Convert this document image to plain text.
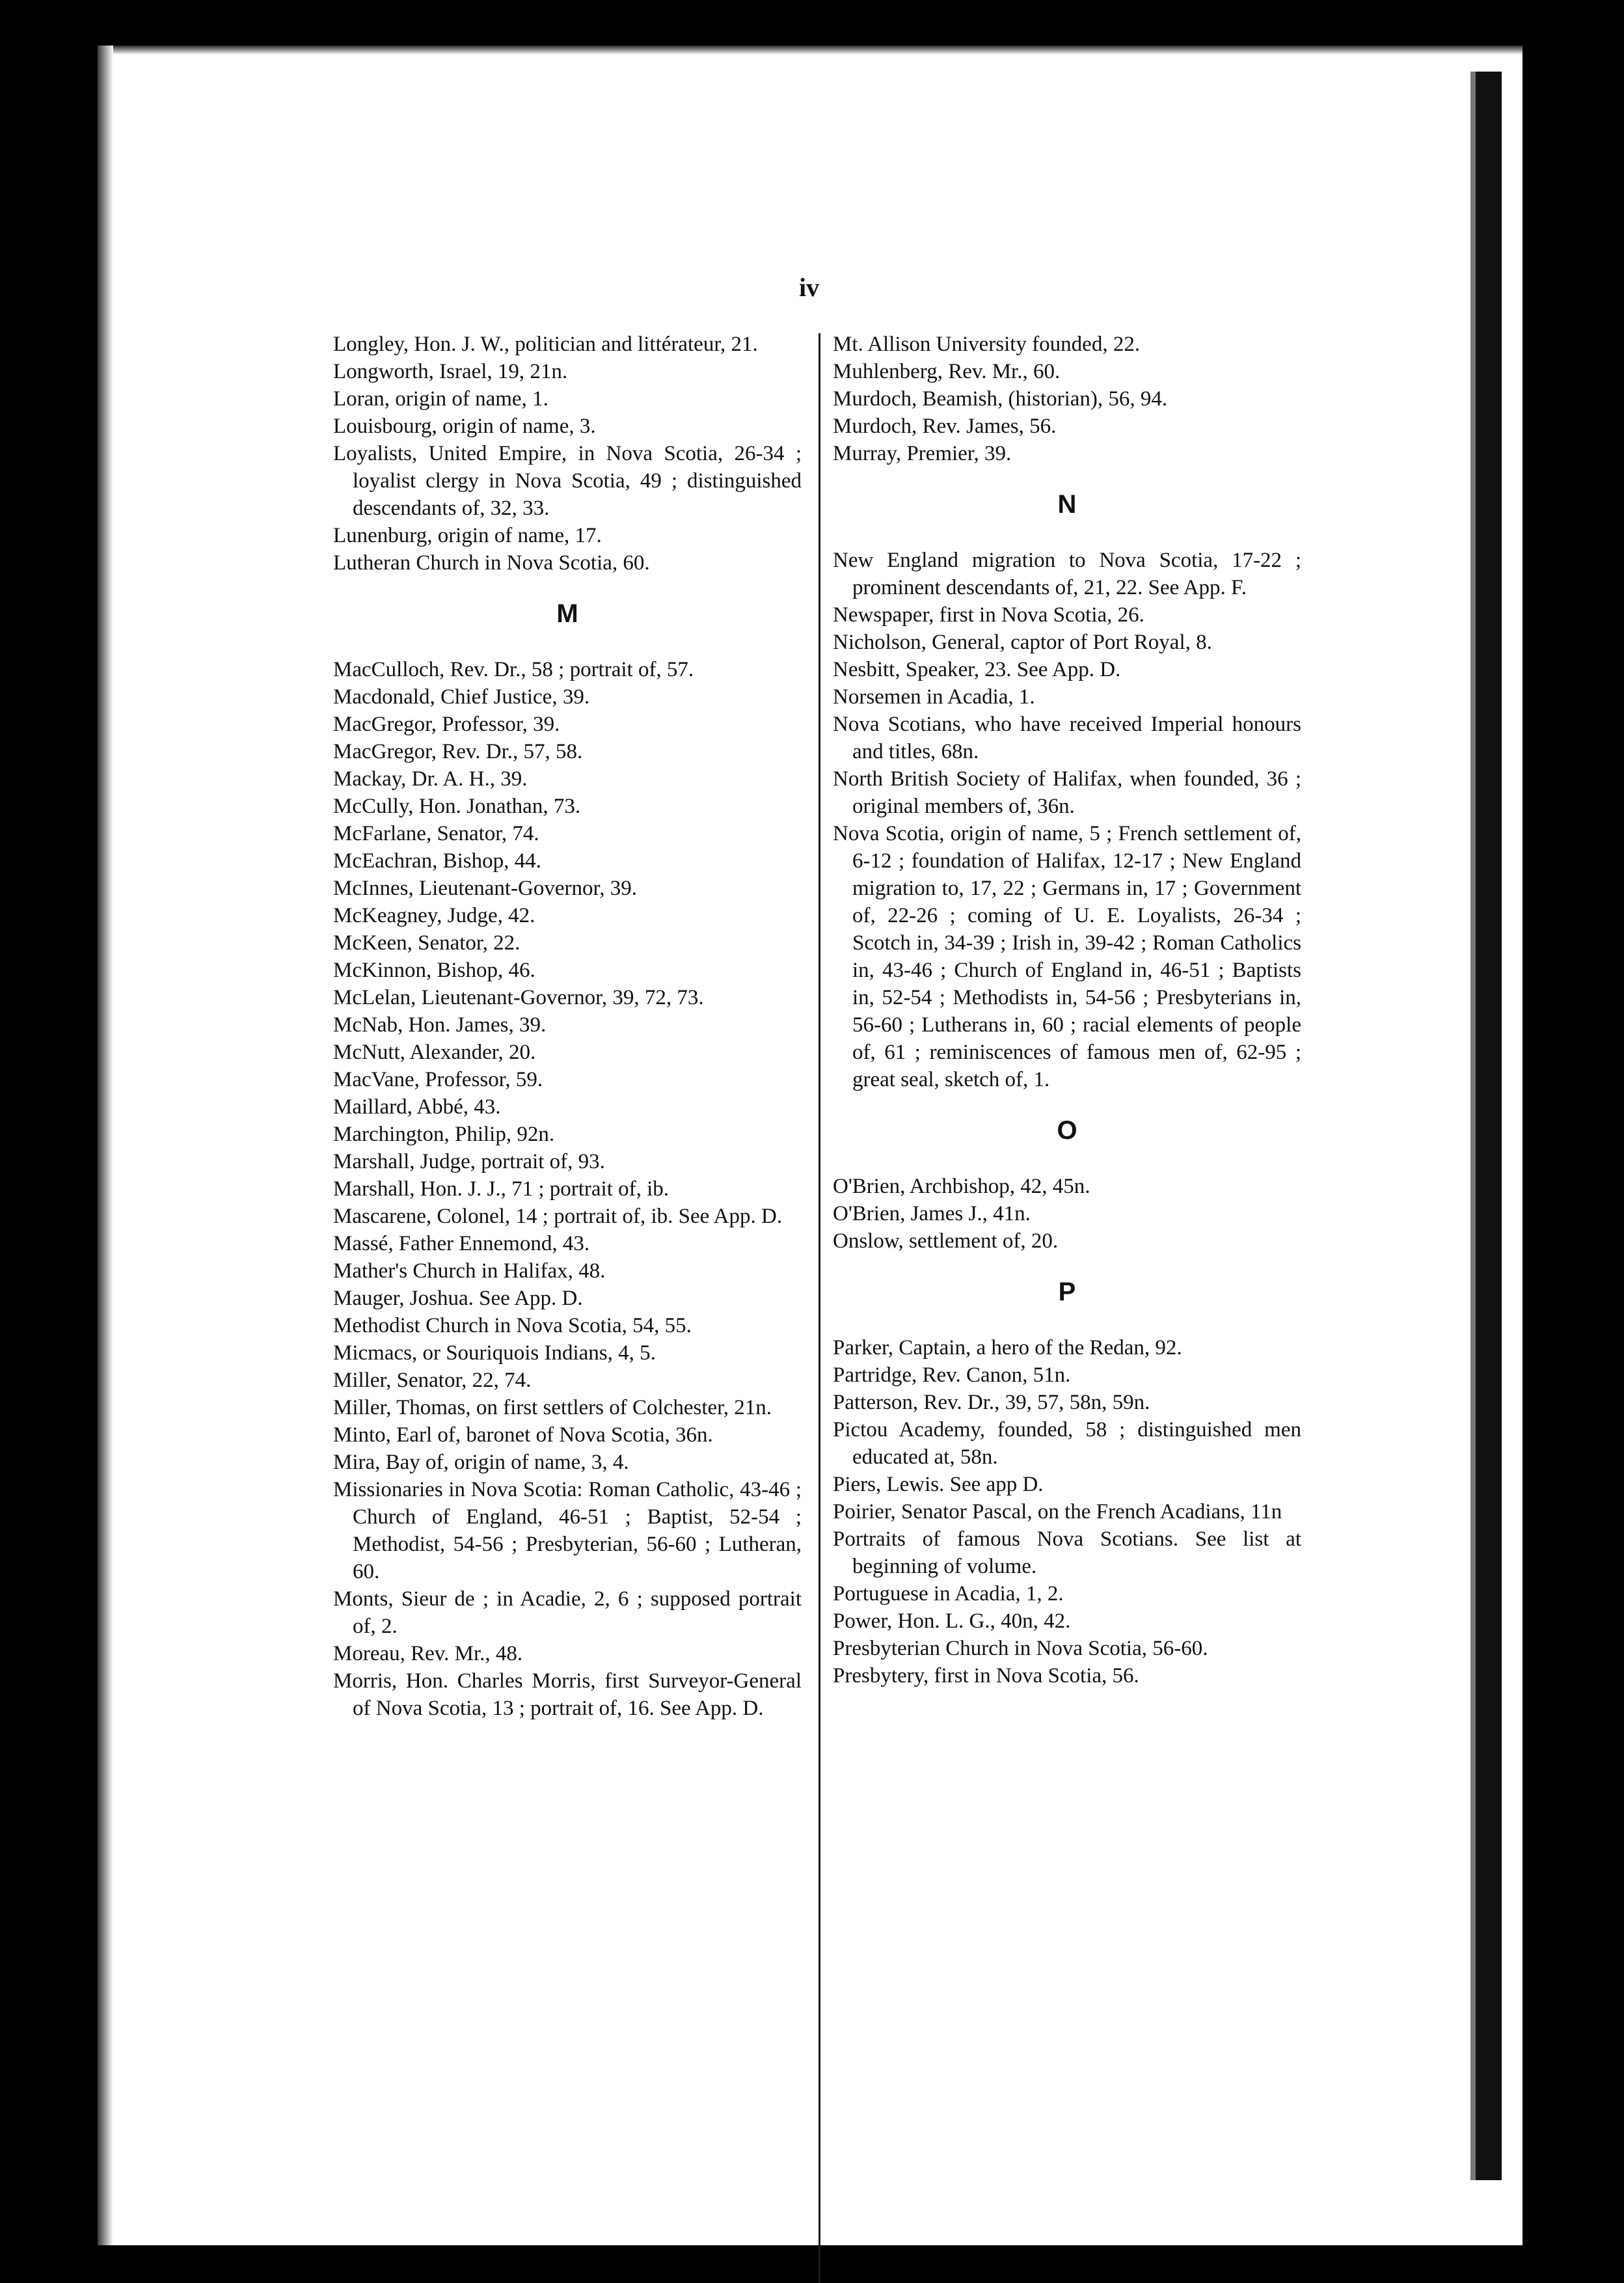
iv
Longley, Hon. J. W., politician and littérateur, 21.
Longworth, Israel, 19, 21n.
Loran, origin of name, 1.
Louisbourg, origin of name, 3.
Loyalists, United Empire, in Nova Scotia, 26-34 ; loyalist clergy in Nova Scotia, 49 ; distinguished descendants of, 32, 33.
Lunenburg, origin of name, 17.
Lutheran Church in Nova Scotia, 60.
M
MacCulloch, Rev. Dr., 58 ; portrait of, 57.
Macdonald, Chief Justice, 39.
MacGregor, Professor, 39.
MacGregor, Rev. Dr., 57, 58.
Mackay, Dr. A. H., 39.
McCully, Hon. Jonathan, 73.
McFarlane, Senator, 74.
McEachran, Bishop, 44.
McInnes, Lieutenant-Governor, 39.
McKeagney, Judge, 42.
McKeen, Senator, 22.
McKinnon, Bishop, 46.
McLelan, Lieutenant-Governor, 39, 72, 73.
McNab, Hon. James, 39.
McNutt, Alexander, 20.
MacVane, Professor, 59.
Maillard, Abbé, 43.
Marchington, Philip, 92n.
Marshall, Judge, portrait of, 93.
Marshall, Hon. J. J., 71 ; portrait of, ib.
Mascarene, Colonel, 14 ; portrait of, ib. See App. D.
Massé, Father Ennemond, 43.
Mather's Church in Halifax, 48.
Mauger, Joshua. See App. D.
Methodist Church in Nova Scotia, 54, 55.
Micmacs, or Souriquois Indians, 4, 5.
Miller, Senator, 22, 74.
Miller, Thomas, on first settlers of Colchester, 21n.
Minto, Earl of, baronet of Nova Scotia, 36n.
Mira, Bay of, origin of name, 3, 4.
Missionaries in Nova Scotia: Roman Catholic, 43-46 ; Church of England, 46-51 ; Baptist, 52-54 ; Methodist, 54-56 ; Presbyterian, 56-60 ; Lutheran, 60.
Monts, Sieur de ; in Acadie, 2, 6 ; supposed portrait of, 2.
Moreau, Rev. Mr., 48.
Morris, Hon. Charles Morris, first Surveyor-General of Nova Scotia, 13 ; portrait of, 16. See App. D.
Mt. Allison University founded, 22.
Muhlenberg, Rev. Mr., 60.
Murdoch, Beamish, (historian), 56, 94.
Murdoch, Rev. James, 56.
Murray, Premier, 39.
N
New England migration to Nova Scotia, 17-22 ; prominent descendants of, 21, 22. See App. F.
Newspaper, first in Nova Scotia, 26.
Nicholson, General, captor of Port Royal, 8.
Nesbitt, Speaker, 23. See App. D.
Norsemen in Acadia, 1.
Nova Scotians, who have received Imperial honours and titles, 68n.
North British Society of Halifax, when founded, 36 ; original members of, 36n.
Nova Scotia, origin of name, 5 ; French settlement of, 6-12 ; foundation of Halifax, 12-17 ; New England migration to, 17, 22 ; Germans in, 17 ; Government of, 22-26 ; coming of U. E. Loyalists, 26-34 ; Scotch in, 34-39 ; Irish in, 39-42 ; Roman Catholics in, 43-46 ; Church of England in, 46-51 ; Baptists in, 52-54 ; Methodists in, 54-56 ; Presbyterians in, 56-60 ; Lutherans in, 60 ; racial elements of people of, 61 ; reminiscences of famous men of, 62-95 ; great seal, sketch of, 1.
O
O'Brien, Archbishop, 42, 45n.
O'Brien, James J., 41n.
Onslow, settlement of, 20.
P
Parker, Captain, a hero of the Redan, 92.
Partridge, Rev. Canon, 51n.
Patterson, Rev. Dr., 39, 57, 58n, 59n.
Pictou Academy, founded, 58 ; distinguished men educated at, 58n.
Piers, Lewis. See app D.
Poirier, Senator Pascal, on the French Acadians, 11n
Portraits of famous Nova Scotians. See list at beginning of volume.
Portuguese in Acadia, 1, 2.
Power, Hon. L. G., 40n, 42.
Presbyterian Church in Nova Scotia, 56-60.
Presbytery, first in Nova Scotia, 56.
